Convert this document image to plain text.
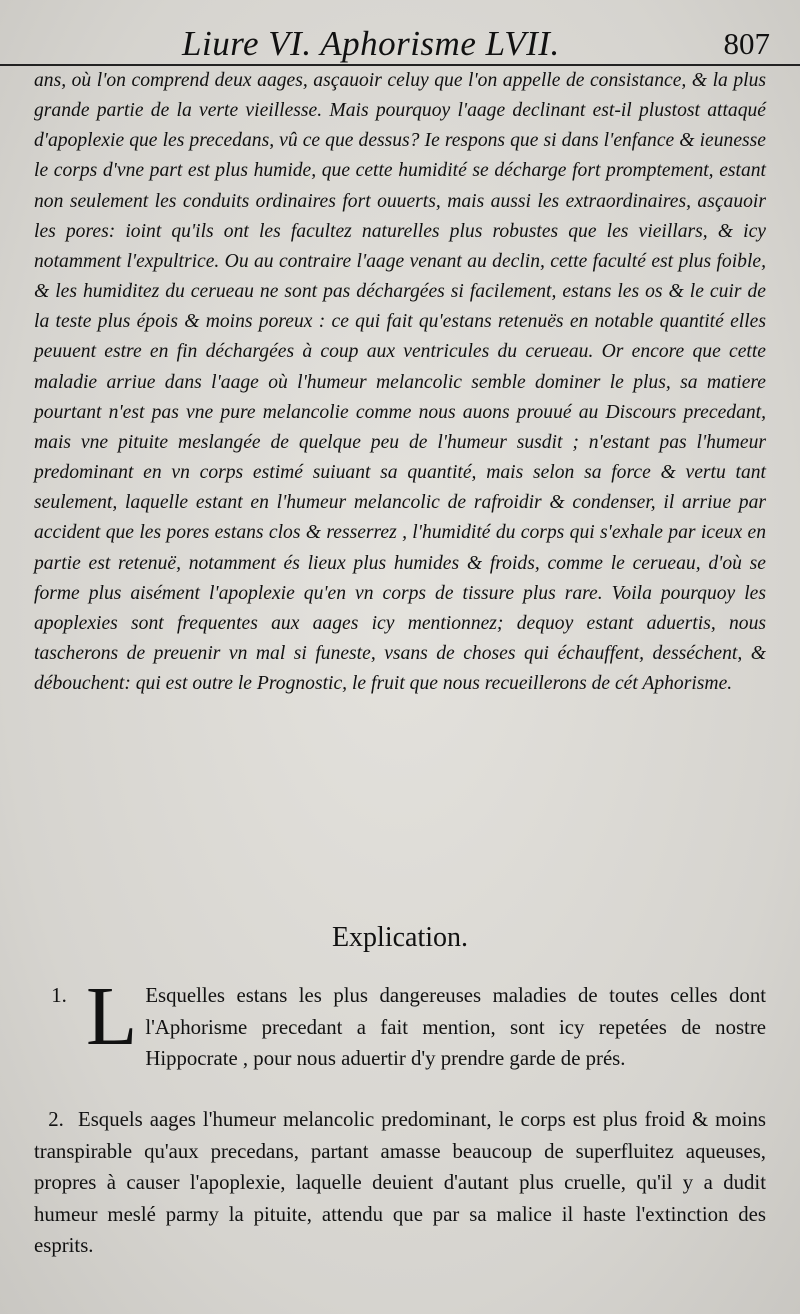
Liure VI. Aphorisme LVII.	807

ans, où l'on comprend deux aages, asçauoir celuy que l'on appelle de consistance, & la plus grande partie de la verte vieillesse. Mais pourquoy l'aage declinant est-il plustost attaqué d'apoplexie que les precedans, vû ce que dessus? Ie respons que si dans l'enfance & ieunesse le corps d'vne part est plus humide, que cette humidité se décharge fort promptement, estant non seulement les conduits ordinaires fort ouuerts, mais aussi les extraordinaires, asçauoir les pores: ioint qu'ils ont les facultez naturelles plus robustes que les vieillars, & icy notamment l'expultrice. Ou au contraire l'aage venant au declin, cette faculté est plus foible, & les humiditez du cerueau ne sont pas déchargées si facilement, estans les os & le cuir de la teste plus épois & moins poreux : ce qui fait qu'estans retenuës en notable quantité elles peuuent estre en fin déchargées à coup aux ventricules du cerueau. Or encore que cette maladie arriue dans l'aage où l'humeur melancolic semble dominer le plus, sa matiere pourtant n'est pas vne pure melancolie comme nous auons prouué au Discours precedant, mais vne pituite meslangée de quelque peu de l'humeur susdit ; n'estant pas l'humeur predominant en vn corps estimé suiuant sa quantité, mais selon sa force & vertu tant seulement, laquelle estant en l'humeur melancolic de rafroidir & condenser, il arriue par accident que les pores estans clos & resserrez , l'humidité du corps qui s'exhale par iceux en partie est retenuë, notamment és lieux plus humides & froids, comme le cerueau, d'où se forme plus aisément l'apoplexie qu'en vn corps de tissure plus rare. Voila pourquoy les apoplexies sont frequentes aux aages icy mentionnez; dequoy estant aduertis, nous tascherons de preuenir vn mal si funeste, vsans de choses qui échauffent, desséchent, & débouchent: qui est outre le Prognostic, le fruit que nous recueillerons de cét Aphorisme.

Explication.

1. L Esquelles estans les plus dangereuses maladies de toutes celles dont l'Aphorisme precedant a fait mention, sont icy repetées de nostre Hippocrate , pour nous aduertir d'y prendre garde de prés.

2. Esquels aages l'humeur melancolic predominant, le corps est plus froid & moins transpirable qu'aux precedans, partant amasse beaucoup de superfluitez aqueuses, propres à causer l'apoplexie, laquelle deuient d'autant plus cruelle, qu'il y a dudit humeur meslé parmy la pituite, attendu que par sa malice il haste l'extinction des esprits.
